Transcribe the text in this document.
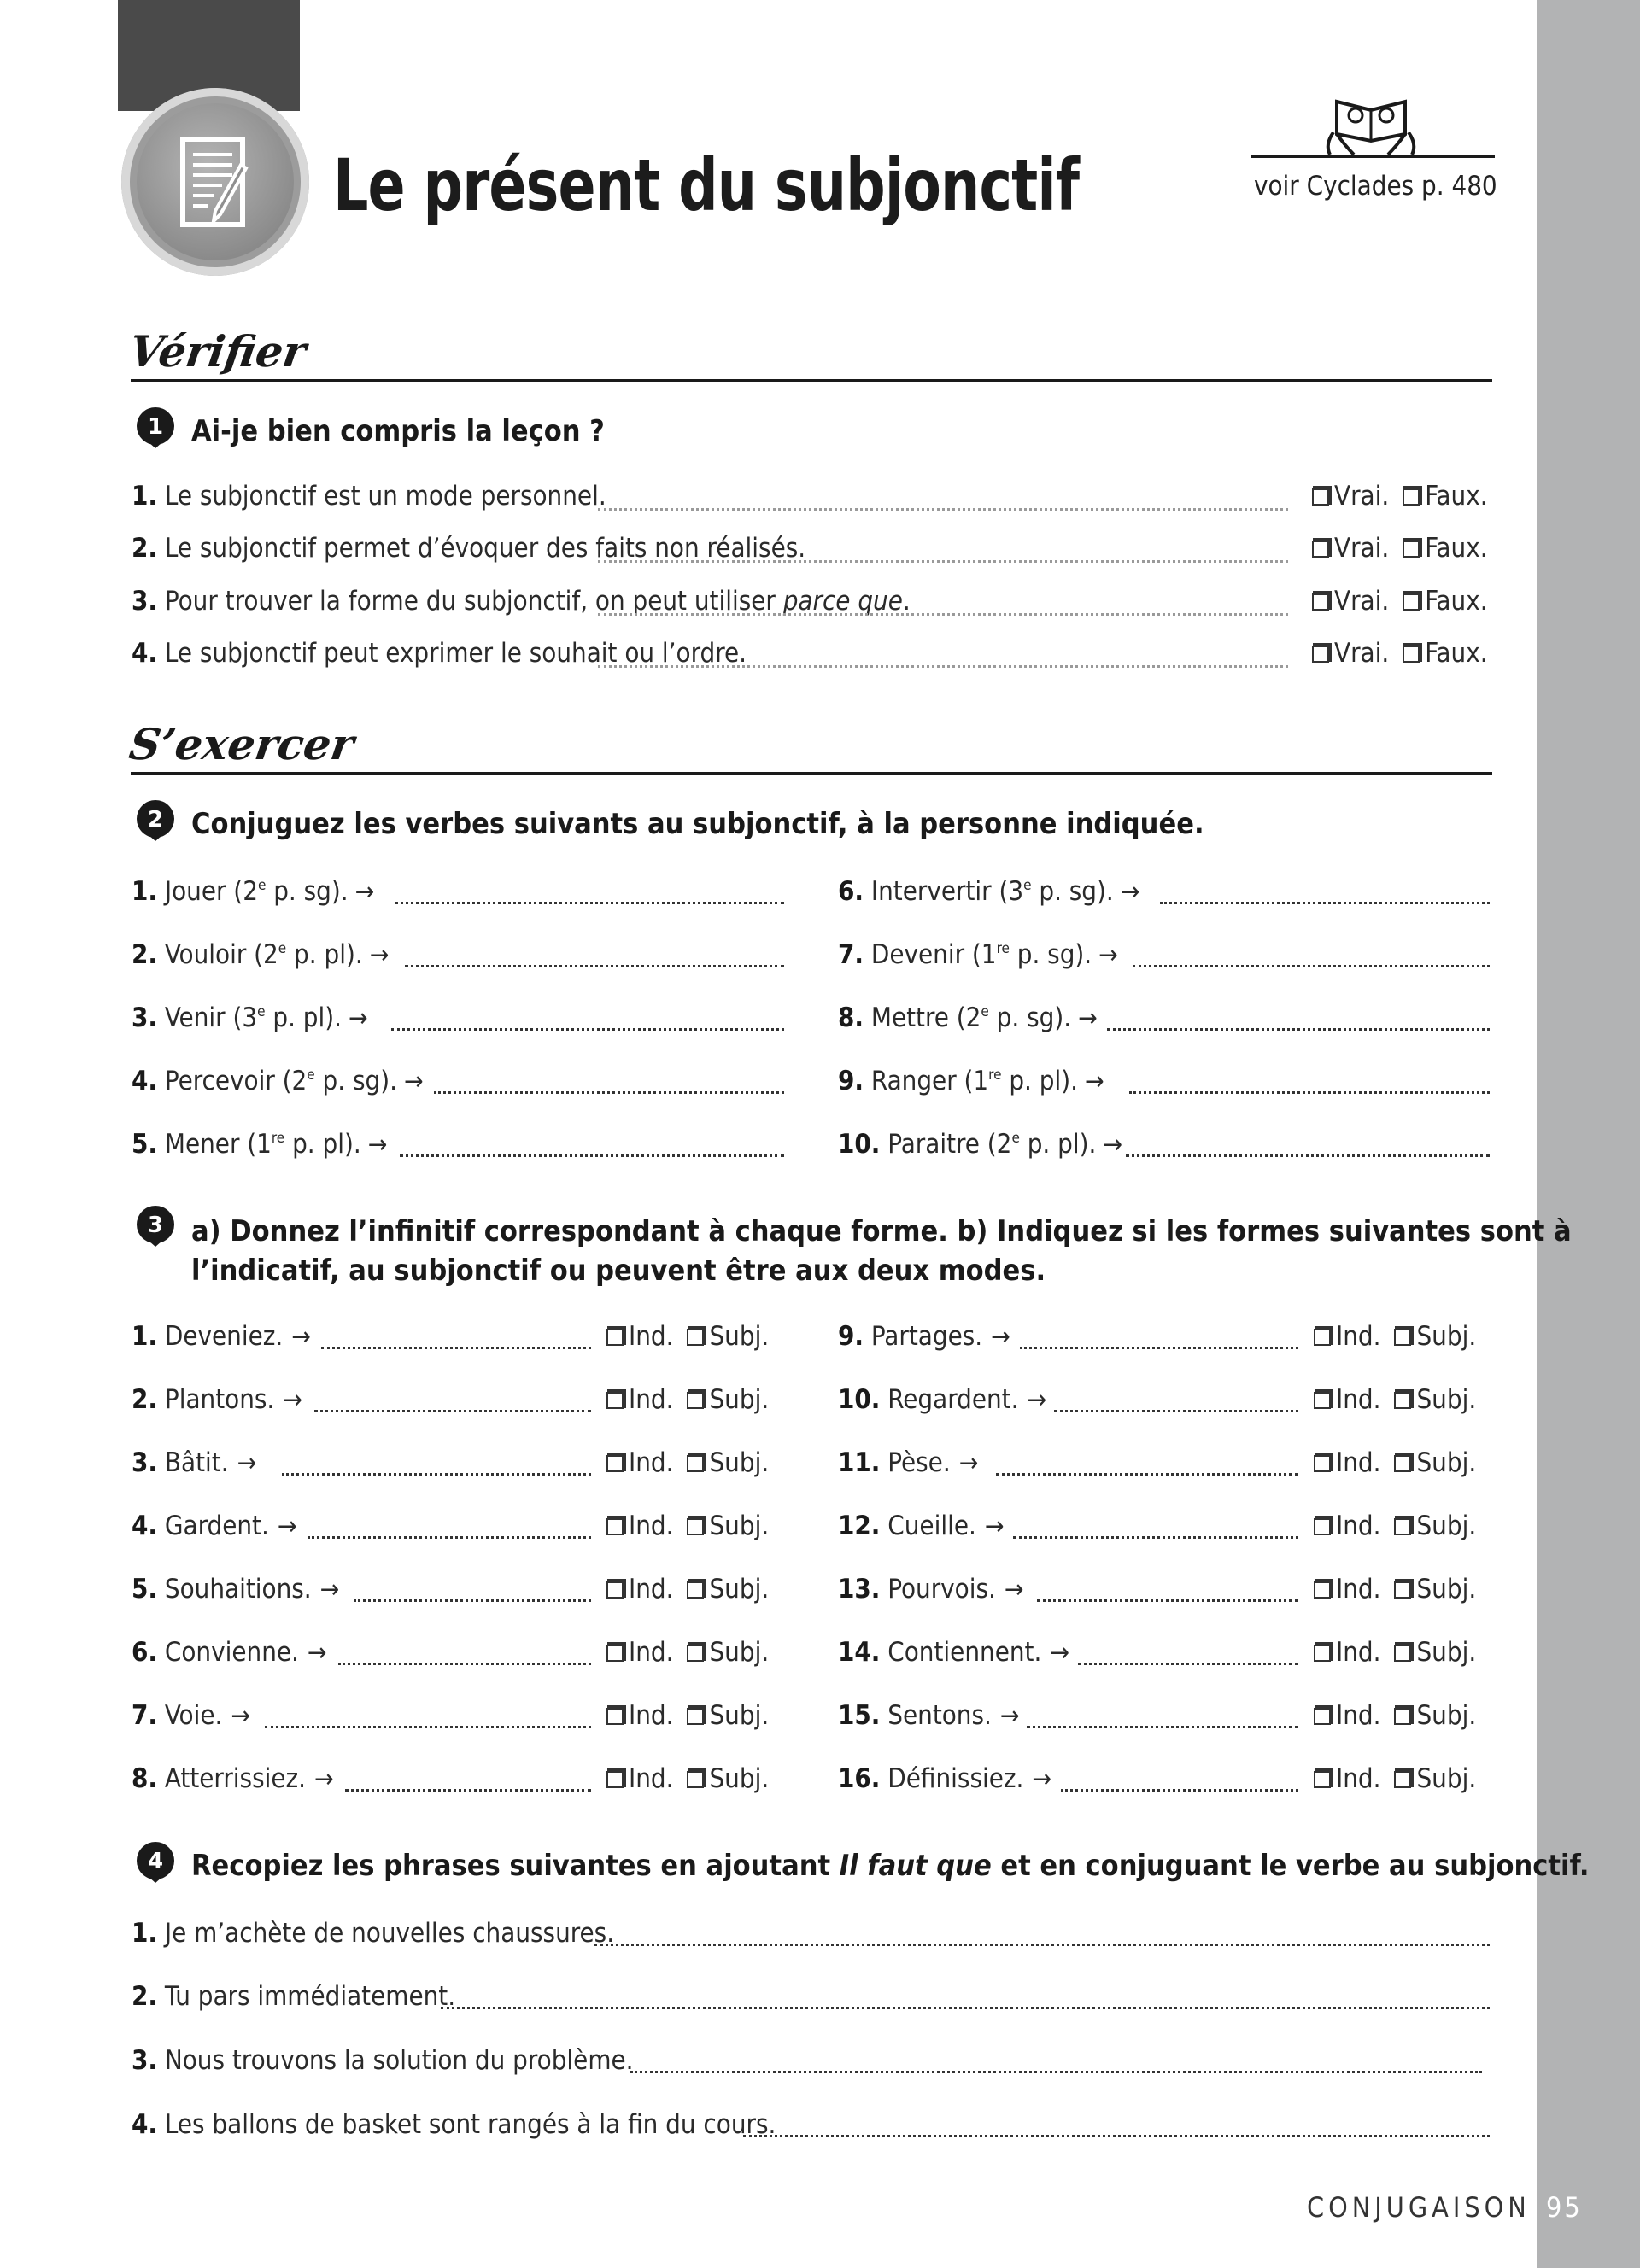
Le présent du subjonctif	voir Cyclades p. 480
Vérifier
1 Ai-je bien compris la leçon ?
1. Le subjonctif est un mode personnel.	Vrai. Faux.
2. Le subjonctif permet d’évoquer des faits non réalisés.	Vrai. Faux.
3. Pour trouver la forme du subjonctif, on peut utiliser parce que.	Vrai. Faux.
4. Le subjonctif peut exprimer le souhait ou l’ordre.	Vrai. Faux.
S’exercer
2 Conjuguez les verbes suivants au subjonctif, à la personne indiquée.
1. Jouer (2e p. sg). →
2. Vouloir (2e p. pl). →
3. Venir (3e p. pl). →
4. Percevoir (2e p. sg). →
5. Mener (1re p. pl). →
6. Intervertir (3e p. sg). →
7. Devenir (1re p. sg). →
8. Mettre (2e p. sg). →
9. Ranger (1re p. pl). →
10. Paraitre (2e p. pl). →
3 a) Donnez l’infinitif correspondant à chaque forme. b) Indiquez si les formes suivantes sont à
l’indicatif, au subjonctif ou peuvent être aux deux modes.
1. Deveniez. →	Ind. Subj.
2. Plantons. →	Ind. Subj.
3. Bâtit. →	Ind. Subj.
4. Gardent. →	Ind. Subj.
5. Souhaitions. →	Ind. Subj.
6. Convienne. →	Ind. Subj.
7. Voie. →	Ind. Subj.
8. Atterrissiez. →	Ind. Subj.
9. Partages. →	Ind. Subj.
10. Regardent. →	Ind. Subj.
11. Pèse. →	Ind. Subj.
12. Cueille. →	Ind. Subj.
13. Pourvois. →	Ind. Subj.
14. Contiennent. →	Ind. Subj.
15. Sentons. →	Ind. Subj.
16. Définissiez. →	Ind. Subj.
4 Recopiez les phrases suivantes en ajoutant Il faut que et en conjuguant le verbe au subjonctif.
1. Je m’achète de nouvelles chaussures.
2. Tu pars immédiatement.
3. Nous trouvons la solution du problème.
4. Les ballons de basket sont rangés à la fin du cours.
CONJUGAISON 95
